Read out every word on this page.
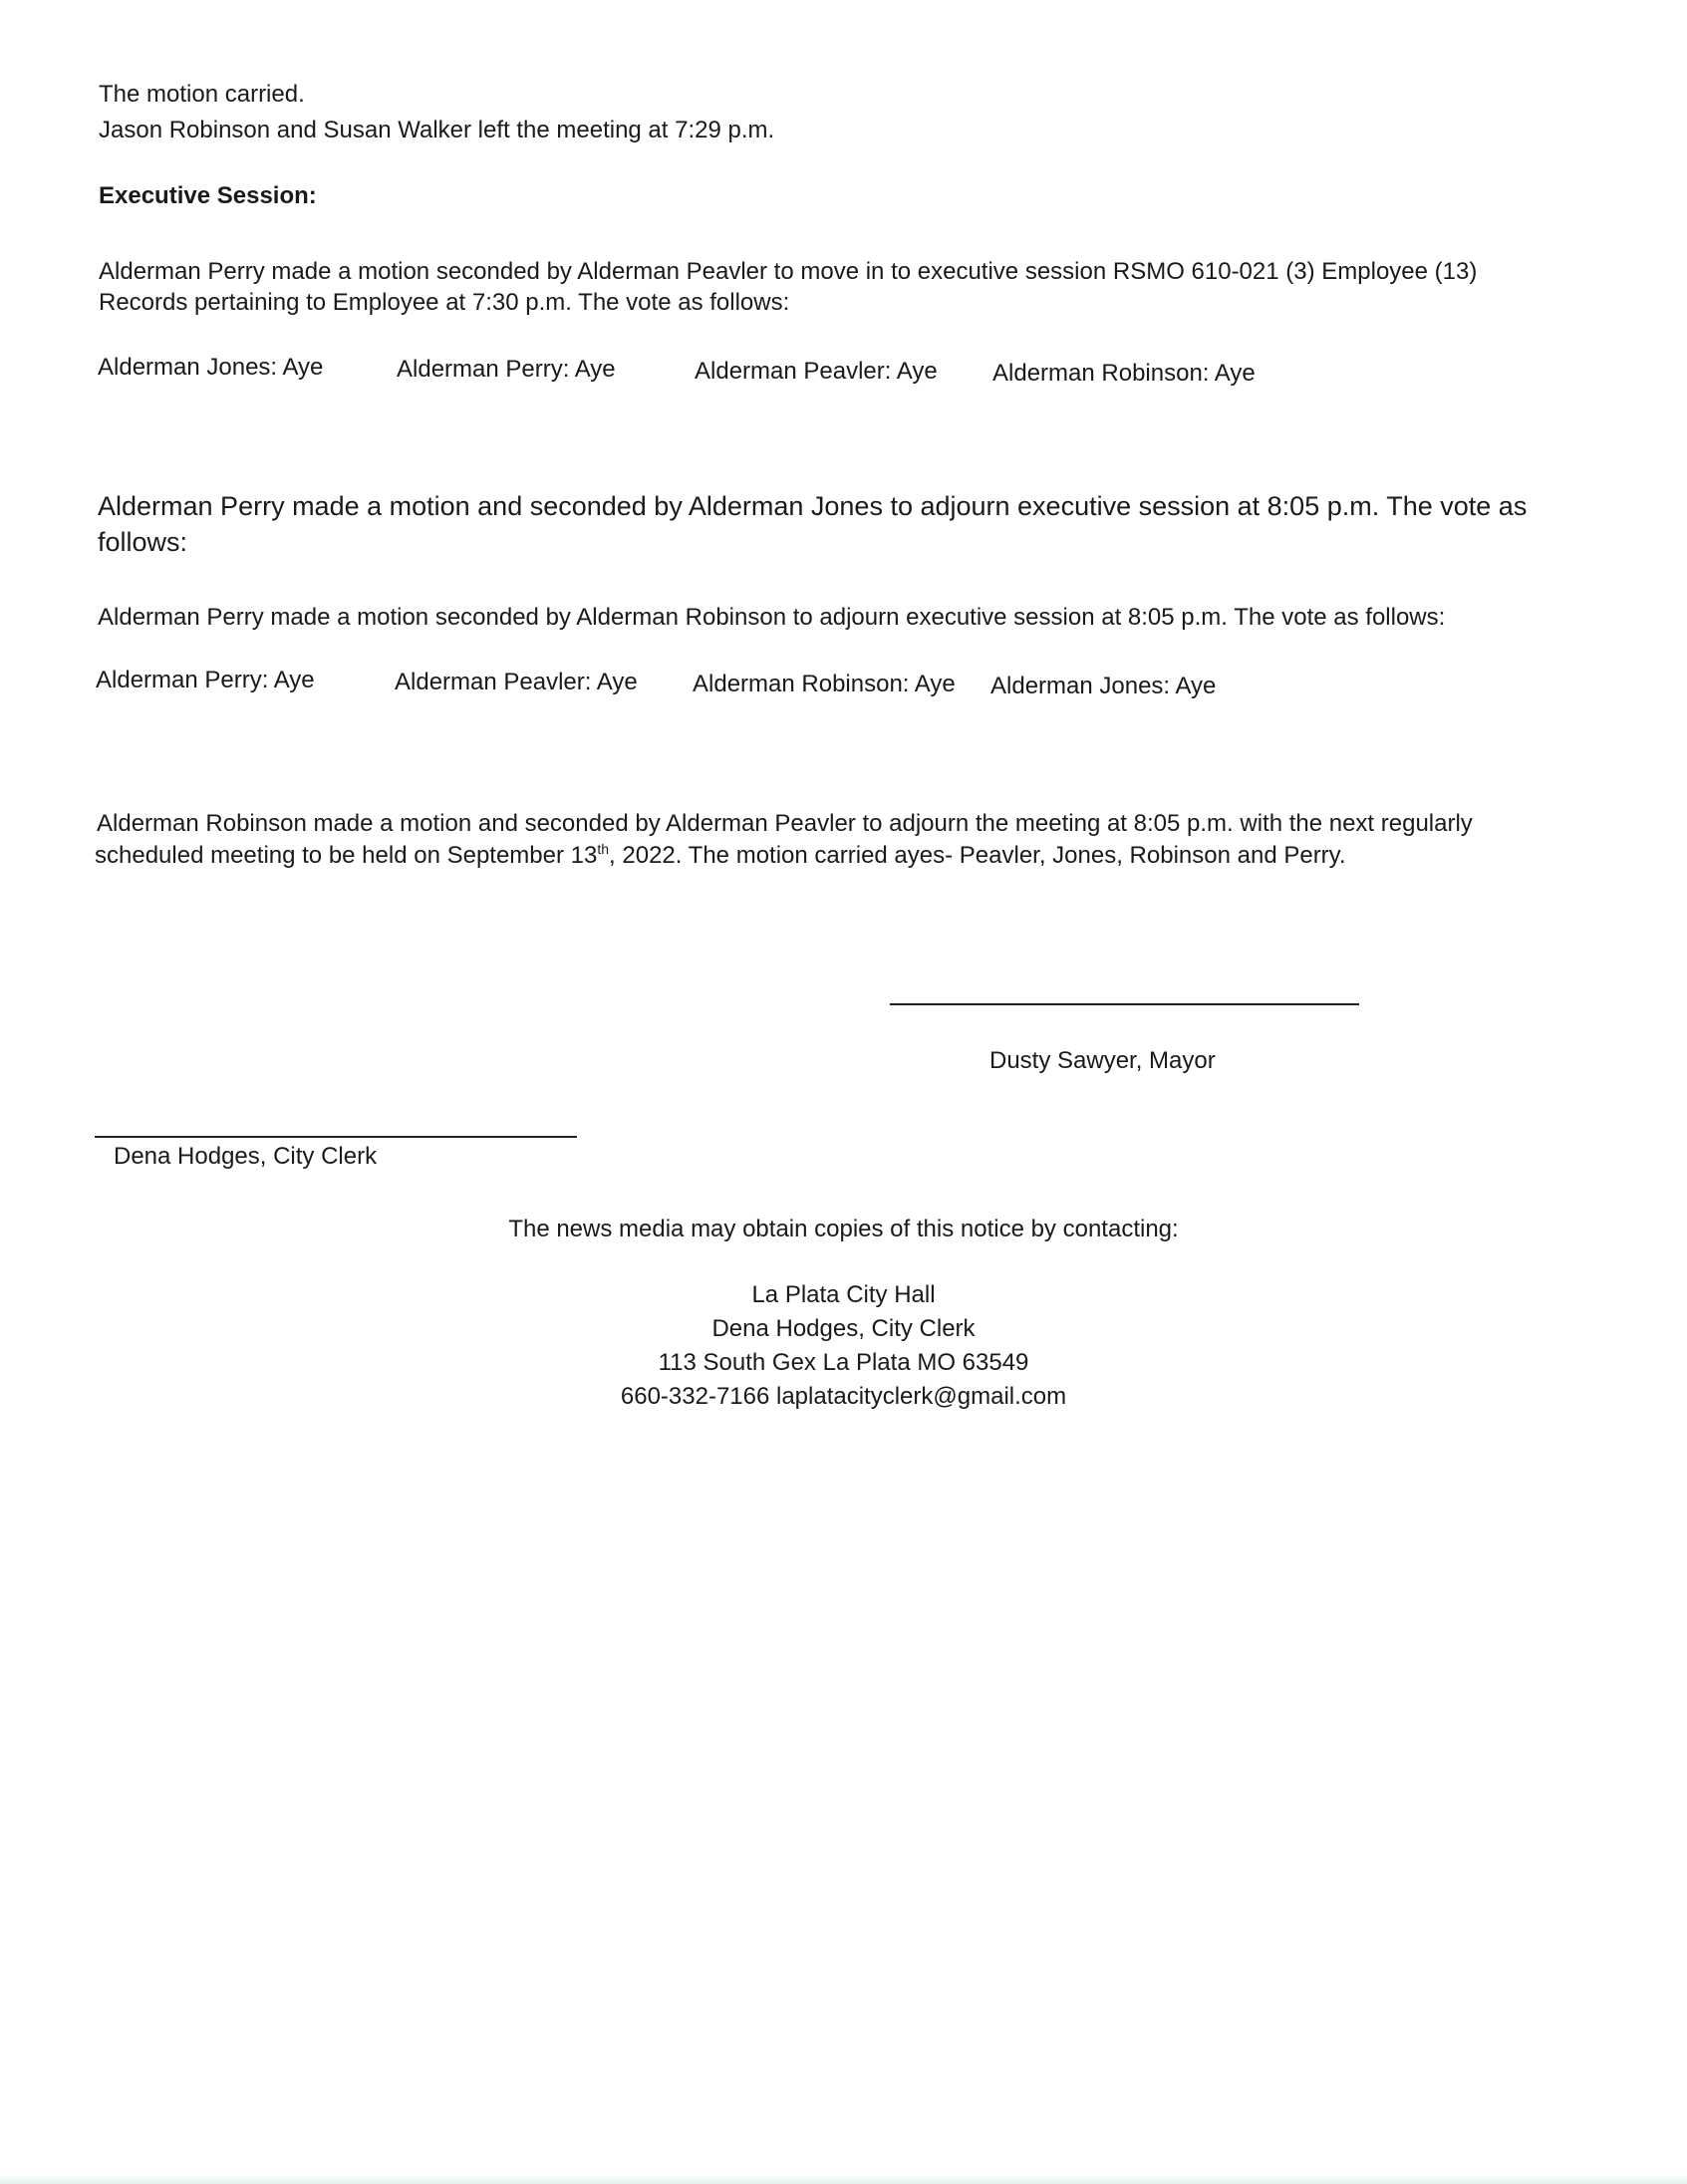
The motion carried.
Jason Robinson and Susan Walker left the meeting at 7:29 p.m.
Executive Session:
Alderman Perry made a motion seconded by Alderman Peavler to move in to executive session RSMO 610-021 (3) Employee (13)
Records pertaining to Employee at 7:30 p.m. The vote as follows:
Alderman Jones: Aye	Alderman Perry: Aye	Alderman Peavler: Aye Alderman Robinson: Aye
Alderman Perry made a motion and seconded by Alderman Jones to adjourn executive session at 8:05 p.m. The vote as
follows:
Alderman Perry made a motion seconded by Alderman Robinson to adjourn executive session at 8:05 p.m. The vote as follows:
Alderman Perry: Aye	Alderman Peavler: Aye Alderman Robinson: Aye Alderman Jones: Aye
Alderman Robinson made a motion and seconded by Alderman Peavler to adjourn the meeting at 8:05 p.m. with the next regularly
scheduled meeting to be held on September 13th, 2022. The motion carried ayes- Peavler, Jones, Robinson and Perry.
Dusty Sawyer, Mayor
Dena Hodges, City Clerk
The news media may obtain copies of this notice by contacting:
La Plata City Hall
Dena Hodges, City Clerk
113 South Gex La Plata MO 63549
660-332-7166 laplatacityclerk@gmail.com
